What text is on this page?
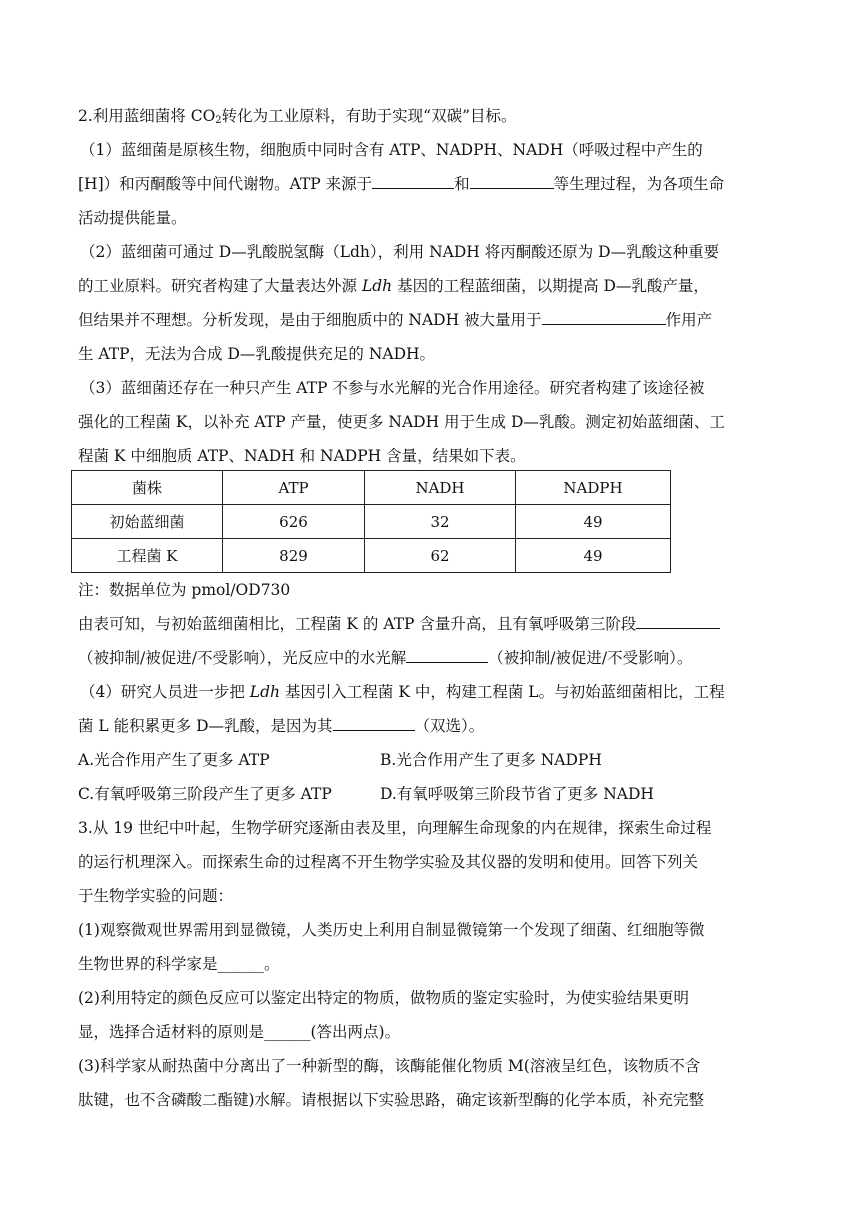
2.利用蓝细菌将 $CO_2$转化为工业原料，有助于实现“双碳”目标。
（1）蓝细菌是原核生物，细胞质中同时含有 ATP、NADPH、NADH（呼吸过程中产生的
[H]）和丙酮酸等中间代谢物。ATP 来源于	和	等生理过程，为各项生命
活动提供能量。
（2）蓝细菌可通过 D—乳酸脱氢酶（Ldh），利用 NADH 将丙酮酸还原为 D—乳酸这种重要
的工业原料。研究者构建了大量表达外源 Ldh 基因的工程蓝细菌，以期提高 D—乳酸产量，
但结果并不理想。分析发现，是由于细胞质中的 NADH 被大量用于	作用产
生 ATP，无法为合成 D—乳酸提供充足的 NADH。
（3）蓝细菌还存在一种只产生 ATP 不参与水光解的光合作用途径。研究者构建了该途径被
强化的工程菌 K，以补充 ATP 产量，使更多 NADH 用于生成 D—乳酸。测定初始蓝细菌、工
程菌 K 中细胞质 ATP、NADH 和 NADPH 含量，结果如下表。
菌株	ATP	NADH	NADPH
初始蓝细菌	626	32	49
工程菌 K	829	62	49
注：数据单位为 pmol/OD730
由表可知，与初始蓝细菌相比，工程菌 K 的 ATP 含量升高，且有氧呼吸第三阶段
（被抑制/被促进/不受影响），光反应中的水光解	（被抑制/被促进/不受影响）。
（4）研究人员进一步把 Ldh 基因引入工程菌 K 中，构建工程菌 L。与初始蓝细菌相比，工程
菌 L 能积累更多 D—乳酸，是因为其	（双选）。
A.光合作用产生了更多 ATP	B.光合作用产生了更多 NADPH
C.有氧呼吸第三阶段产生了更多 ATP	D.有氧呼吸第三阶段节省了更多 NADH
3.从 19 世纪中叶起，生物学研究逐渐由表及里，向理解生命现象的内在规律，探索生命过程
的运行机理深入。而探索生命的过程离不开生物学实验及其仪器的发明和使用。回答下列关
于生物学实验的问题：
(1)观察微观世界需用到显微镜，人类历史上利用自制显微镜第一个发现了细菌、红细胞等微
生物世界的科学家是______。
(2)利用特定的颜色反应可以鉴定出特定的物质，做物质的鉴定实验时，为使实验结果更明
显，选择合适材料的原则是______(答出两点)。
(3)科学家从耐热菌中分离出了一种新型的酶，该酶能催化物质 M(溶液呈红色，该物质不含
肽键，也不含磷酸二酯键)水解。请根据以下实验思路，确定该新型酶的化学本质，补充完整
